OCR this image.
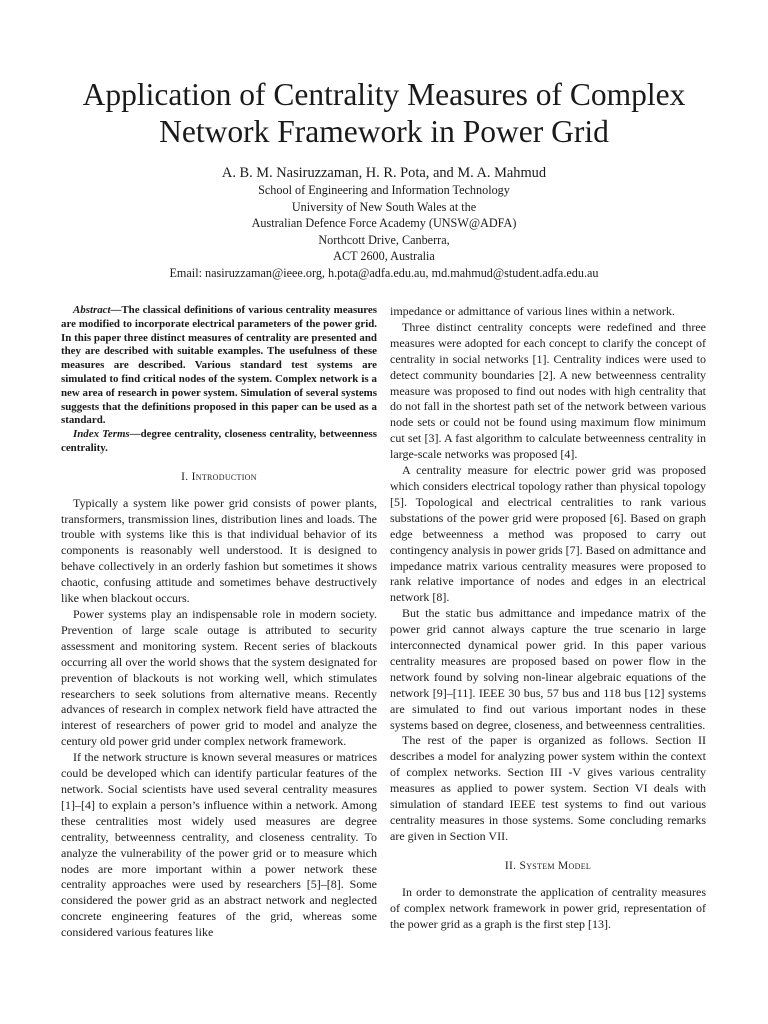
Application of Centrality Measures of Complex Network Framework in Power Grid
A. B. M. Nasiruzzaman, H. R. Pota, and M. A. Mahmud
School of Engineering and Information Technology
University of New South Wales at the
Australian Defence Force Academy (UNSW@ADFA)
Northcott Drive, Canberra,
ACT 2600, Australia
Email: nasiruzzaman@ieee.org, h.pota@adfa.edu.au, md.mahmud@student.adfa.edu.au

Abstract—The classical definitions of various centrality measures are modified to incorporate electrical parameters of the power grid. In this paper three distinct measures of centrality are presented and they are described with suitable examples. The usefulness of these measures are described. Various standard test systems are simulated to find critical nodes of the system. Complex network is a new area of research in power system. Simulation of several systems suggests that the definitions proposed in this paper can be used as a standard.

Index Terms—degree centrality, closeness centrality, betweenness centrality.

I. Introduction

Typically a system like power grid consists of power plants, transformers, transmission lines, distribution lines and loads. The trouble with systems like this is that individual behavior of its components is reasonably well understood. It is designed to behave collectively in an orderly fashion but sometimes it shows chaotic, confusing attitude and sometimes behave destructively like when blackout occurs.

Power systems play an indispensable role in modern society. Prevention of large scale outage is attributed to security assessment and monitoring system. Recent series of blackouts occurring all over the world shows that the system designated for prevention of blackouts is not working well, which stimulates researchers to seek solutions from alternative means. Recently advances of research in complex network field have attracted the interest of researchers of power grid to model and analyze the century old power grid under complex network framework.

If the network structure is known several measures or matrices could be developed which can identify particular features of the network. Social scientists have used several centrality measures [1]–[4] to explain a person’s influence within a network. Among these centralities most widely used measures are degree centrality, betweenness centrality, and closeness centrality. To analyze the vulnerability of the power grid or to measure which nodes are more important within a power network these centrality approaches were used by researchers [5]–[8]. Some considered the power grid as an abstract network and neglected concrete engineering features of the grid, whereas some considered various features like

impedance or admittance of various lines within a network.

Three distinct centrality concepts were redefined and three measures were adopted for each concept to clarify the concept of centrality in social networks [1]. Centrality indices were used to detect community boundaries [2]. A new betweenness centrality measure was proposed to find out nodes with high centrality that do not fall in the shortest path set of the network between various node sets or could not be found using maximum flow minimum cut set [3]. A fast algorithm to calculate betweenness centrality in large-scale networks was proposed [4].

A centrality measure for electric power grid was proposed which considers electrical topology rather than physical topology [5]. Topological and electrical centralities to rank various substations of the power grid were proposed [6]. Based on graph edge betweenness a method was proposed to carry out contingency analysis in power grids [7]. Based on admittance and impedance matrix various centrality measures were proposed to rank relative importance of nodes and edges in an electrical network [8].

But the static bus admittance and impedance matrix of the power grid cannot always capture the true scenario in large interconnected dynamical power grid. In this paper various centrality measures are proposed based on power flow in the network found by solving non-linear algebraic equations of the network [9]–[11]. IEEE 30 bus, 57 bus and 118 bus [12] systems are simulated to find out various important nodes in these systems based on degree, closeness, and betweenness centralities.

The rest of the paper is organized as follows. Section II describes a model for analyzing power system within the context of complex networks. Section III -V gives various centrality measures as applied to power system. Section VI deals with simulation of standard IEEE test systems to find out various centrality measures in those systems. Some concluding remarks are given in Section VII.

II. System Model

In order to demonstrate the application of centrality measures of complex network framework in power grid, representation of the power grid as a graph is the first step [13].
